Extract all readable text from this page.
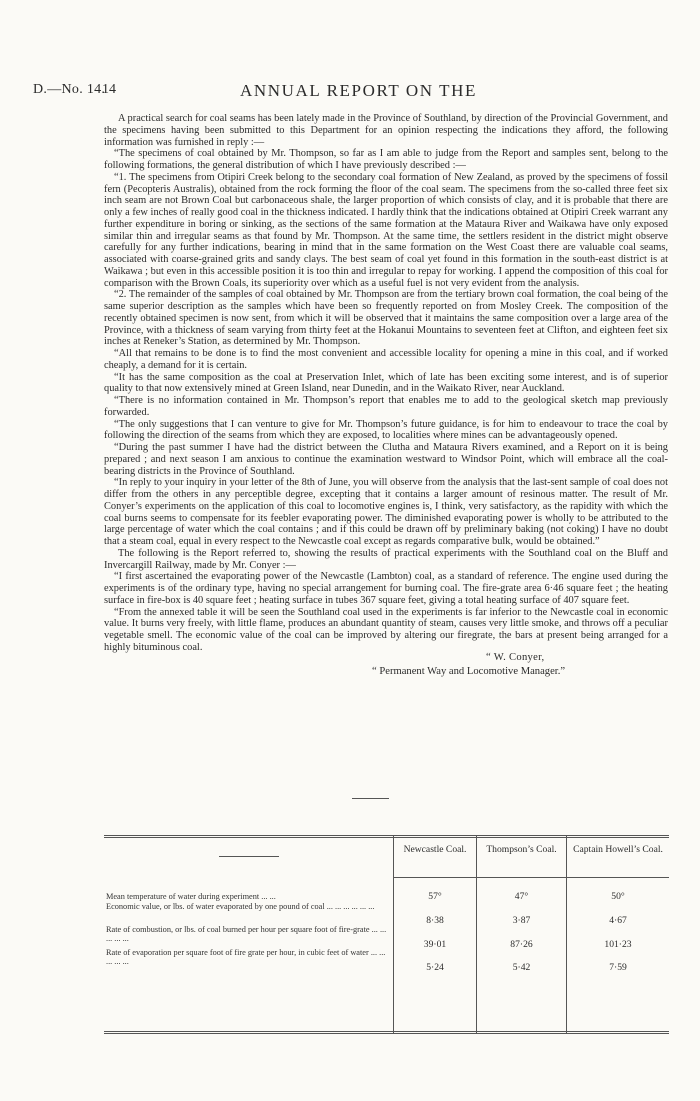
D.—No. 14.
14	ANNUAL REPORT ON THE

A practical search for coal seams has been lately made in the Province of Southland, by direction of the Provincial Government, and the specimens having been submitted to this Department for an opinion respecting the indications they afford, the following information was furnished in reply :—

“The specimens of coal obtained by Mr. Thompson, so far as I am able to judge from the Report and samples sent, belong to the following formations, the general distribution of which I have previously described :—

“1. The specimens from Otipiri Creek belong to the secondary coal formation of New Zealand, as proved by the specimens of fossil fern (Pecopteris Australis), obtained from the rock forming the floor of the coal seam. The specimens from the so-called three feet six inch seam are not Brown Coal but carbonaceous shale, the larger proportion of which consists of clay, and it is probable that there are only a few inches of really good coal in the thickness indicated. I hardly think that the indications obtained at Otipiri Creek warrant any further expenditure in boring or sinking, as the sections of the same formation at the Mataura River and Waikawa have only exposed similar thin and irregular seams as that found by Mr. Thompson. At the same time, the settlers resident in the district might observe carefully for any further indications, bearing in mind that in the same formation on the West Coast there are valuable coal seams, associated with coarse-grained grits and sandy clays. The best seam of coal yet found in this formation in the south-east district is at Waikawa ; but even in this accessible position it is too thin and irregular to repay for working. I append the composition of this coal for comparison with the Brown Coals, its superiority over which as a useful fuel is not very evident from the analysis.

“2. The remainder of the samples of coal obtained by Mr. Thompson are from the tertiary brown coal formation, the coal being of the same superior description as the samples which have been so frequently reported on from Mosley Creek. The composition of the recently obtained specimen is now sent, from which it will be observed that it maintains the same composition over a large area of the Province, with a thickness of seam varying from thirty feet at the Hokanui Mountains to seventeen feet at Clifton, and eighteen feet six inches at Reneker’s Station, as determined by Mr. Thompson.

“All that remains to be done is to find the most convenient and accessible locality for opening a mine in this coal, and if worked cheaply, a demand for it is certain.

“It has the same composition as the coal at Preservation Inlet, which of late has been exciting some interest, and is of superior quality to that now extensively mined at Green Island, near Dunedin, and in the Waikato River, near Auckland.

“There is no information contained in Mr. Thompson’s report that enables me to add to the geological sketch map previously forwarded.

“The only suggestions that I can venture to give for Mr. Thompson’s future guidance, is for him to endeavour to trace the coal by following the direction of the seams from which they are exposed, to localities where mines can be advantageously opened.

“During the past summer I have had the district between the Clutha and Mataura Rivers examined, and a Report on it is being prepared ; and next season I am anxious to continue the examination westward to Windsor Point, which will embrace all the coal-bearing districts in the Province of Southland.

“In reply to your inquiry in your letter of the 8th of June, you will observe from the analysis that the last-sent sample of coal does not differ from the others in any perceptible degree, excepting that it contains a larger amount of resinous matter. The result of Mr. Conyer’s experiments on the application of this coal to locomotive engines is, I think, very satisfactory, as the rapidity with which the coal burns seems to compensate for its feebler evaporating power. The diminished evaporating power is wholly to be attributed to the large percentage of water which the coal contains ; and if this could be drawn off by preliminary baking (not coking) I have no doubt that a steam coal, equal in every respect to the Newcastle coal except as regards comparative bulk, would be obtained.”

The following is the Report referred to, showing the results of practical experiments with the Southland coal on the Bluff and Invercargill Railway, made by Mr. Conyer :—

“I first ascertained the evaporating power of the Newcastle (Lambton) coal, as a standard of reference. The engine used during the experiments is of the ordinary type, having no special arrangement for burning coal. The fire-grate area 6·46 square feet ; the heating surface in fire-box is 40 square feet ; heating surface in tubes 367 square feet, giving a total heating surface of 407 square feet.

“From the annexed table it will be seen the Southland coal used in the experiments is far inferior to the Newcastle coal in economic value. It burns very freely, with little flame, produces an abundant quantity of steam, causes very little smoke, and throws off a peculiar vegetable smell. The economic value of the coal can be improved by altering our firegrate, the bars at present being arranged for a highly bituminous coal.

“ W. Conyer,
“ Permanent Way and Locomotive Manager.”
Newcastle Coal.	Thompson’s Coal.	Captain Howell’s Coal.
Mean temperature of water during experiment ... ...	57°	47°	50°
Economic value, or lbs. of water evaporated by one pound of coal ... ... ... ... ... ...
8·38	3·87	4·67
Rate of combustion, or lbs. of coal burned per hour per square foot of fire-grate ... ... ... ... ...
39·01	87·26	101·23
Rate of evaporation per square foot of fire grate per hour, in cubic feet of water ... ... ... ... ...
5·24	5·42	7·59
